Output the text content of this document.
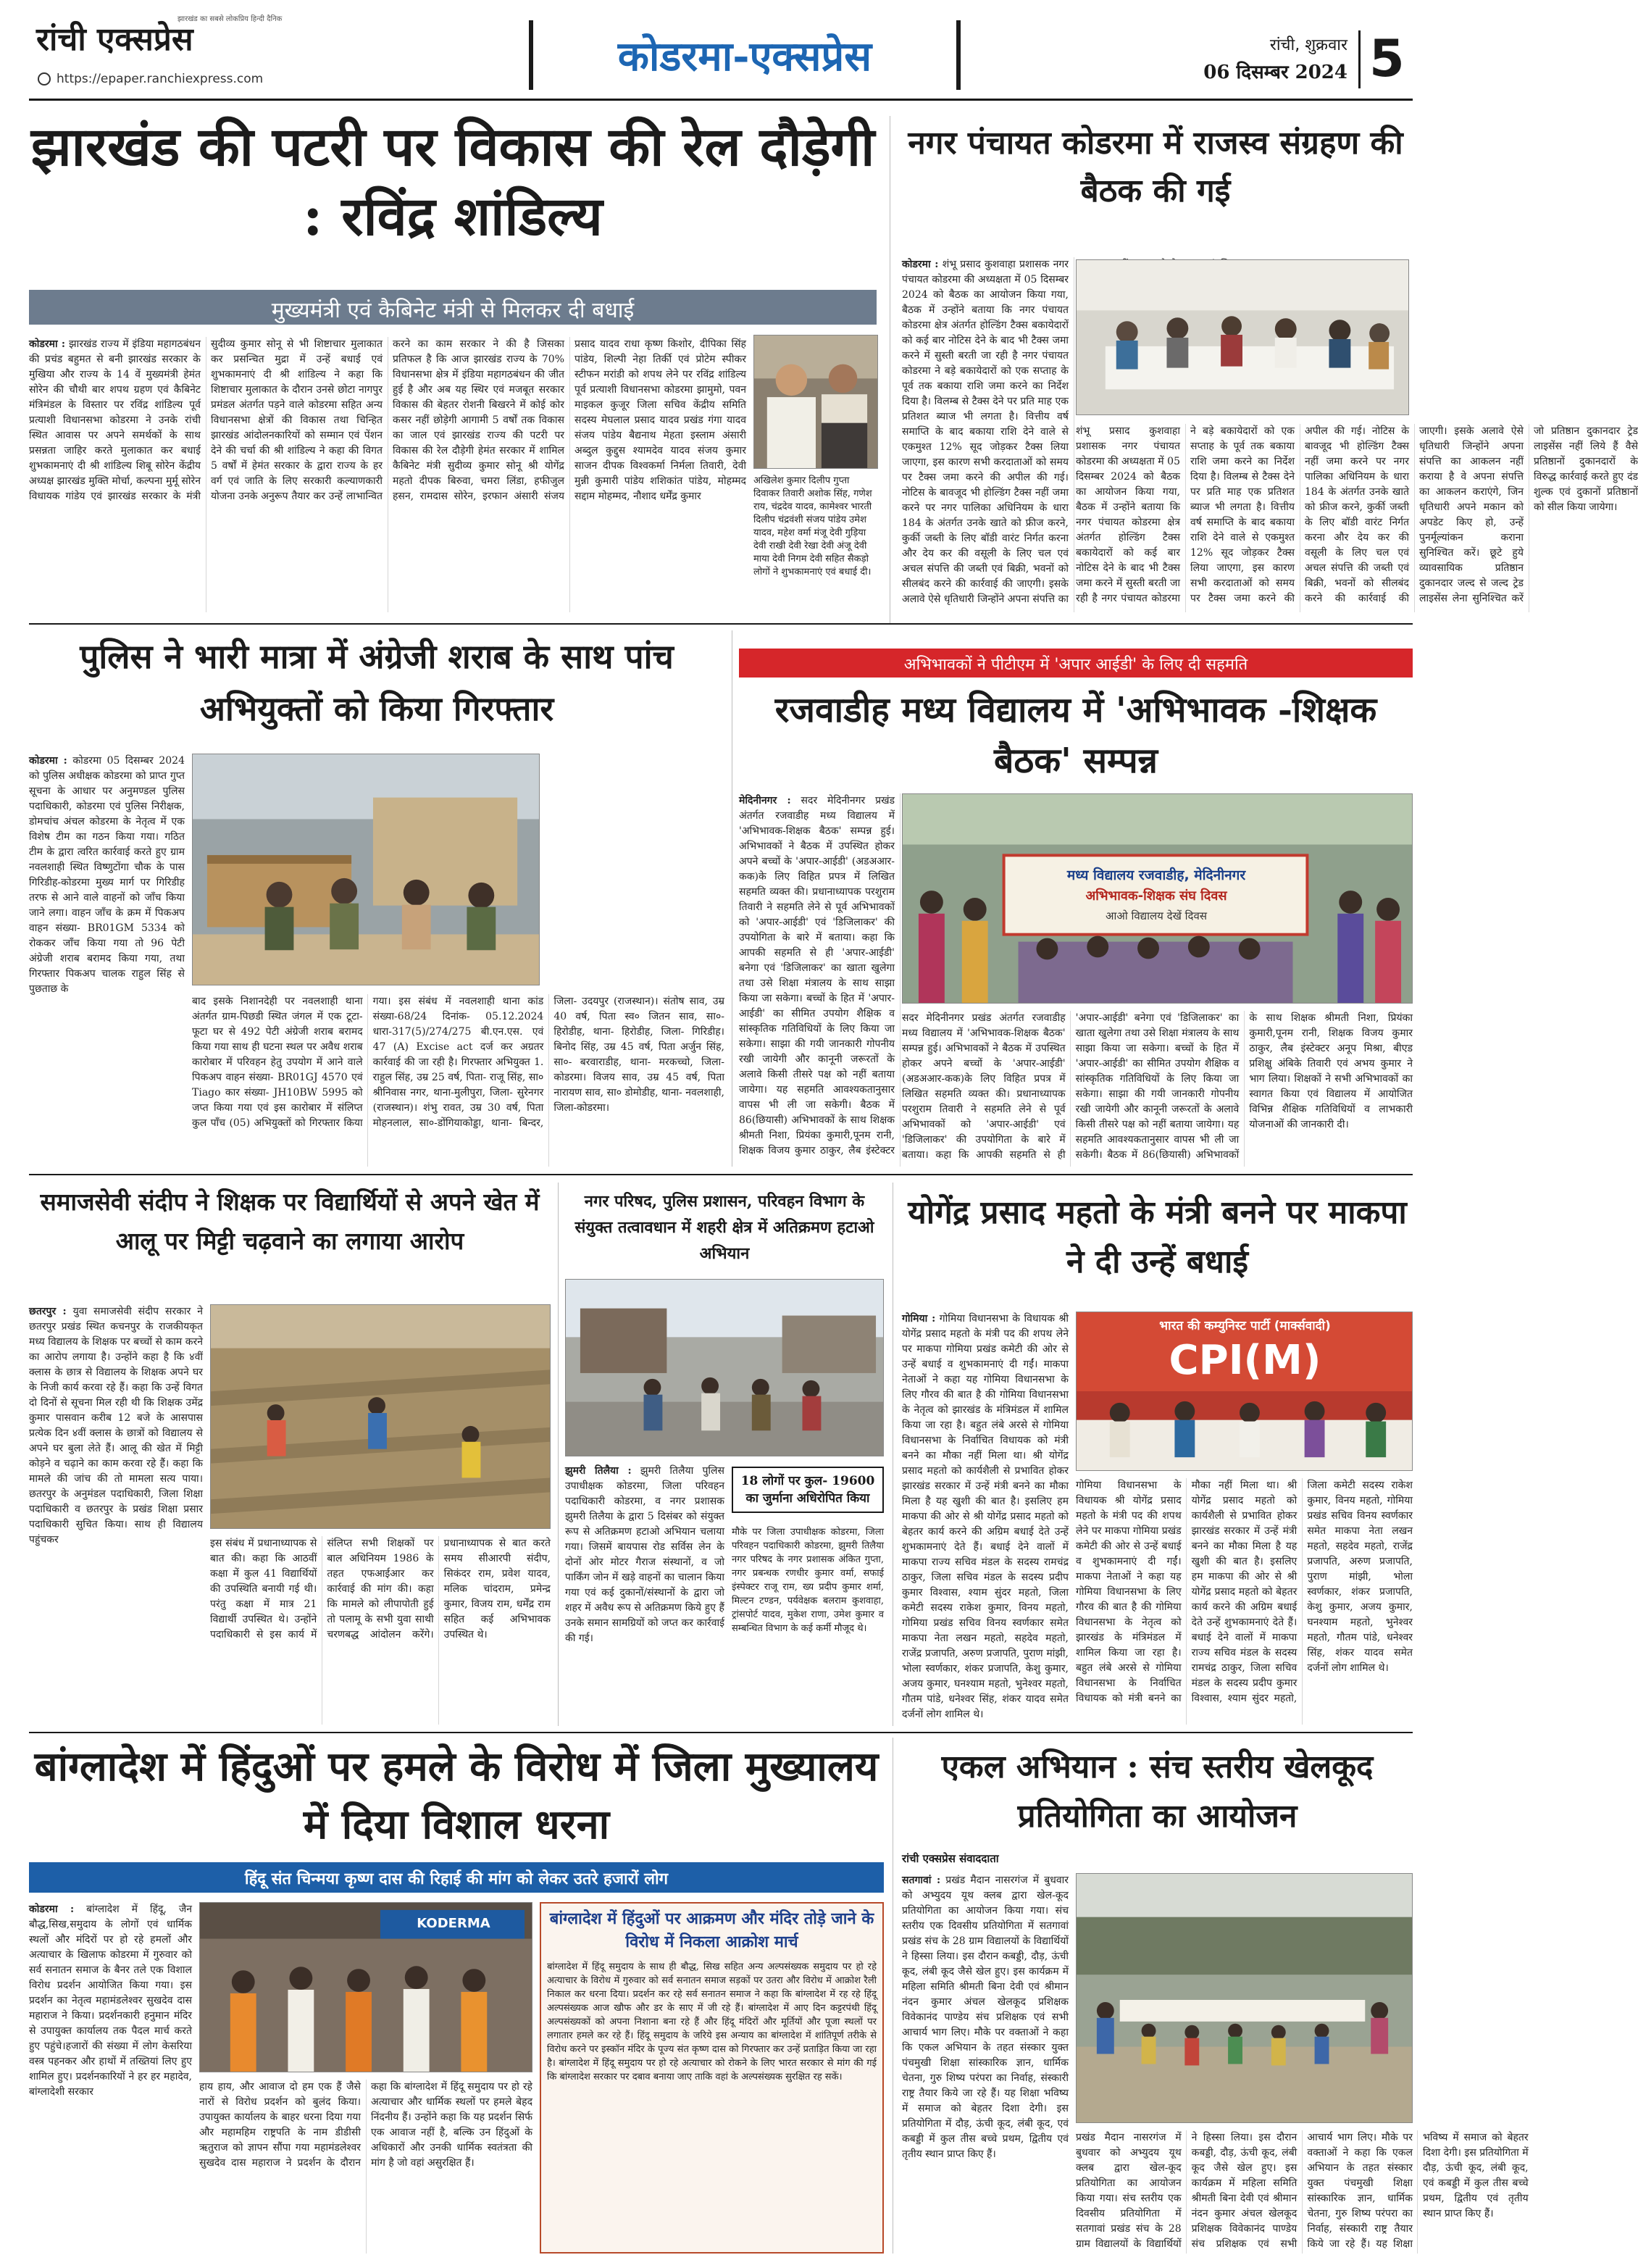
रांची एक्सप्रेस
झारखंड का सबसे लोकप्रिय हिन्दी दैनिक
https://epaper.ranchiexpress.com	कोडरमा-एक्सप्रेस	रांची, शुक्रवार
06 दिसम्बर 2024 5
झारखंड की पटरी पर विकास की रेल दौड़ेगी : रविंद्र शांडिल्य
मुख्यमंत्री एवं कैबिनेट मंत्री से मिलकर दी बधाई
कोडरमा : झारखंड राज्य में इंडिया महागठबंधन की प्रचंड बहुमत से बनी झारखंड सरकार के मुखिया और राज्य के 14 वें मुख्यमंत्री हेमंत सोरेन की चौथी बार शपथ ग्रहण एवं कैबिनेट मंत्रिमंडल के विस्तार पर रविंद्र शांडिल्य पूर्व प्रत्याशी विधानसभा कोडरमा ने उनके रांची स्थित आवास पर अपने समर्थकों के साथ प्रसन्नता जाहिर करते मुलाकात कर बधाई शुभकामनाएं दी श्री शांडिल्य शिबू सोरेन केंद्रीय अध्यक्ष झारखंड मुक्ति मोर्चा, कल्पना मुर्मू सोरेन विधायक गांडेय एवं झारखंड सरकार के मंत्री सुदीव्य कुमार सोनू से भी शिष्टाचार मुलाकात कर प्रसन्चित मुद्रा में उन्हें बधाई एवं शुभकामनाएं दी श्री शांडिल्य ने कहा कि शिष्टाचार मुलाकात के दौरान उनसे छोटा नागपुर प्रमंडल अंतर्गत पड़ने वाले कोडरमा सहित अन्य विधानसभा क्षेत्रों की विकास तथा चिन्हित झारखंड आंदोलनकारियों को सम्मान एवं पेंशन देने की चर्चा की श्री शांडिल्य ने कहा की विगत 5 वर्षों में हेमंत सरकार के द्वारा राज्य के हर वर्ग एवं जाति के लिए सरकारी कल्याणकारी योजना उनके अनुरूप तैयार कर उन्हें लाभान्वित करने का काम सरकार ने की है जिसका प्रतिफल है कि आज झारखंड राज्य के 70% विधानसभा क्षेत्र में इंडिया महागठबंधन की जीत हुई है और अब यह स्थिर एवं मजबूत सरकार विकास की बेहतर रोशनी बिखरने में कोई कोर कसर नहीं छोड़ेगी आगामी 5 वर्षों तक विकास का जाल एवं झारखंड राज्य की पटरी पर विकास की रेल दौड़ेगी हेमंत सरकार में शामिल कैबिनेट मंत्री सुदीव्य कुमार सोनू श्री योगेंद्र महतो दीपक बिरुवा, चमरा लिंडा, हफीजुल हसन, रामदास सोरेन, इरफान अंसारी संजय प्रसाद यादव राधा कृष्ण किशोर, दीपिका सिंह पांडेय, शिल्पी नेहा तिर्की एवं प्रोटेम स्पीकर स्टीफन मरांडी को शपथ लेने पर रविंद्र शांडिल्य पूर्व प्रत्याशी विधानसभा कोडरमा झामुमो, पवन माइकल कुजूर जिला सचिव केंद्रीय समिति सदस्य मेघलाल प्रसाद यादव प्रखंड गंगा यादव संजय पांडेय बैद्यनाथ मेहता इस्लाम अंसारी अब्दुल कुद्दुस श्यामदेव यादव संजय कुमार साजन दीपक विश्वकर्मा निर्मला तिवारी, देवी मुन्नी कुमारी पांडेय शशिकांत पांडेय, मोहम्मद सद्दाम मोहम्मद, नौशाद धर्मेंद्र कुमार
अखिलेश कुमार दिलीप गुप्ता दिवाकर तिवारी अशोक सिंह, गणेश राय, चंद्रदेव यादव, कामेश्वर भारती दिलीप चंद्रवंशी संजय पांडेय उमेश यादव, महेश वर्मा मंजू देवी गुड़िया देवी राखी देवी रेखा देवी अंजू देवी माया देवी निगम देवी सहित सैकड़ो लोगों ने शुभकामनाएं एवं बधाई दी।
नगर पंचायत कोडरमा में राजस्व संग्रहण की बैठक की गई
कोडरमा : शंभू प्रसाद कुशवाहा प्रशासक नगर पंचायत कोडरमा की अध्यक्षता में 05 दिसम्बर 2024 को बैठक का आयोजन किया गया, बैठक में उन्होंने बताया कि नगर पंचायत कोडरमा क्षेत्र अंतर्गत होल्डिंग टैक्स बकायेदारों को कई बार नोटिस देने के बाद भी टैक्स जमा करने में सुस्ती बरती जा रही है नगर पंचायत कोडरमा ने बड़े बकायेदारों को एक सप्ताह के पूर्व तक बकाया राशि जमा करने का निर्देश दिया है। विलम्ब से टैक्स देने पर प्रति माह एक प्रतिशत ब्याज भी लगता है। वित्तीय वर्ष समाप्ति के बाद बकाया राशि देने वाले से एकमुश्त 12% सूद जोड़कर टैक्स लिया जाएगा, इस कारण सभी करदाताओं को समय पर टैक्स जमा करने की अपील की गई। नोटिस के बावजूद भी होल्डिंग टैक्स नहीं जमा करने पर नगर पालिका अधिनियम के धारा 184 के अंतर्गत उनके खाते को फ्रीज करने, कुर्की जब्ती के लिए बॉडी वारंट निर्गत करना और देय कर की वसूली के लिए चल एवं अचल संपत्ति की जब्ती एवं बिक्री, भवनों को सीलबंद करने की कार्रवाई की जाएगी। इसके अलावे ऐसे धृतिधारी जिन्होंने अपना संपत्ति का
शंभू प्रसाद कुशवाहा प्रशासक नगर पंचायत कोडरमा की अध्यक्षता में 05 दिसम्बर 2024 को बैठक का आयोजन किया गया, बैठक में उन्होंने बताया कि नगर पंचायत कोडरमा क्षेत्र अंतर्गत होल्डिंग टैक्स बकायेदारों को कई बार नोटिस देने के बाद भी टैक्स जमा करने में सुस्ती बरती जा रही है नगर पंचायत कोडरमा ने बड़े बकायेदारों को एक सप्ताह के पूर्व तक बकाया राशि जमा करने का निर्देश दिया है। विलम्ब से टैक्स देने पर प्रति माह एक प्रतिशत ब्याज भी लगता है। वित्तीय वर्ष समाप्ति के बाद बकाया राशि देने वाले से एकमुश्त 12% सूद जोड़कर टैक्स लिया जाएगा, इस कारण सभी करदाताओं को समय पर टैक्स जमा करने की अपील की गई। नोटिस के बावजूद भी होल्डिंग टैक्स नहीं जमा करने पर नगर पालिका अधिनियम के धारा 184 के अंतर्गत उनके खाते को फ्रीज करने, कुर्की जब्ती के लिए बॉडी वारंट निर्गत करना और देय कर की वसूली के लिए चल एवं अचल संपत्ति की जब्ती एवं बिक्री, भवनों को सीलबंद करने की कार्रवाई की जाएगी। इसके अलावे ऐसे धृतिधारी जिन्होंने अपना संपत्ति का आकलन नहीं कराया है वे अपना संपत्ति का आकलन कराएंगे, जिन धृतिधारी अपने मकान को अपडेट किए हो, उन्हें पुनर्मूल्यांकन कराना सुनिश्चित करें। छूटे हुये व्यावसायिक प्रतिष्ठान दुकानदार जल्द से जल्द ट्रेड लाइसेंस लेना सुनिश्चित करें जो प्रतिष्ठान दुकानदार ट्रेड लाइसेंस नहीं लिये हैं वैसे प्रतिष्ठानों दुकानदारों के विरुद्ध कार्रवाई करते हुए दंड शुल्क एवं दुकानों प्रतिष्ठानों को सील किया जायेगा।
पुलिस ने भारी मात्रा में अंग्रेजी शराब के साथ पांच अभियुक्तों को किया गिरफ्तार
कोडरमा : कोडरमा 05 दिसम्बर 2024 को पुलिस अधीक्षक कोडरमा को प्राप्त गुप्त सूचना के आधार पर अनुमण्डल पुलिस पदाधिकारी, कोडरमा एवं पुलिस निरीक्षक, डोमचांच अंचल कोडरमा के नेतृत्व में एक विशेष टीम का गठन किया गया। गठित टीम के द्वारा त्वरित कार्रवाई करते हुए ग्राम नवलशाही स्थित विष्णुटोंगा चौक के पास गिरिडीह-कोडरमा मुख्य मार्ग पर गिरिडीह तरफ से आने वाले वाहनों को जाँच किया जाने लगा। वाहन जाँच के क्रम में पिकअप वाहन संख्या- BR01GM 5334 को रोककर जाँच किया गया तो 96 पेटी अंग्रेजी शराब बरामद किया गया, तथा गिरफ्तार पिकअप चालक राहुल सिंह से पुछताछ के
बाद इसके निशानदेही पर नवलशाही थाना अंतर्गत ग्राम-पिछडी स्थित जंगल में एक टूटा-फूटा घर से 492 पेटी अंग्रेजी शराब बरामद किया गया साथ ही घटना स्थल पर अवैध शराब कारोबार में परिवहन हेतु उपयोग में आने वाले पिकअप वाहन संख्या- BR01GJ 4570 एवं Tiago कार संख्या- JH10BW 5995 को जप्त किया गया एवं इस कारोबार में संलिप्त कुल पाँच (05) अभियुक्तों को गिरफ्तार किया गया। इस संबंध में नवलशाही थाना कांड संख्या-68/24 दिनांक- 05.12.2024 धारा-317(5)/274/275 बी.एन.एस. एवं 47 (A) Excise act दर्ज कर अग्रतर कार्रवाई की जा रही है। गिरफ्तार अभियुक्त 1. राहुल सिंह, उम्र 25 वर्ष, पिता- राजू सिंह, सा० श्रीनिवास नगर, थाना-मुलीपुरा, जिला- सुरेनगर (राजस्थान)। शंभु रावत, उम्र 30 वर्ष, पिता मोहनलाल, सा०-डोंगियाकोड्डा, थाना- बिन्दर, जिला- उदयपुर (राजस्थान)। संतोष साव, उम्र 40 वर्ष, पिता स्व० जितन साव, सा०- हिरोडीह, थाना- हिरोडीह, जिला- गिरिडीह। बिनोद सिंह, उम्र 45 वर्ष, पिता अर्जुन सिंह, सा०- बरवाराडीह, थाना- मरकच्चो, जिला-कोडरमा। विजय साव, उम्र 45 वर्ष, पिता नारायण साव, सा० डोमोडीह, थाना- नवलशाही, जिला-कोडरमा।
अभिभावकों ने पीटीएम में 'अपार आईडी' के लिए दी सहमति
रजवाडीह मध्य विद्यालय में 'अभिभावक -शिक्षक बैठक' सम्पन्न
मेदिनीनगर : सदर मेदिनीनगर प्रखंड अंतर्गत रजवाडीह मध्य विद्यालय में 'अभिभावक-शिक्षक बैठक' सम्पन्न हुई। अभिभावकों ने बैठक में उपस्थित होकर अपने बच्चों के 'अपार-आईडी' (अडअआर-कक)के लिए विहित प्रपत्र में लिखित सहमति व्यक्त की। प्रधानाध्यापक परशुराम तिवारी ने सहमति लेने से पूर्व अभिभावकों को 'अपार-आईडी' एवं 'डिजिलाकर' की उपयोगिता के बारे में बताया। कहा कि आपकी सहमति से ही 'अपार-आईडी' बनेगा एवं 'डिजिलाकर' का खाता खुलेगा तथा उसे शिक्षा मंत्रालय के साथ साझा किया जा सकेगा। बच्चों के हित में 'अपार-आईडी' का सीमित उपयोग शैक्षिक व सांस्कृतिक गतिविधियों के लिए किया जा सकेगा। साझा की गयी जानकारी गोपनीय रखी जायेगी और कानूनी जरूरतों के अलावे किसी तीसरे पक्ष को नहीं बताया जायेगा। यह सहमति आवश्यकतानुसार वापस भी ली जा सकेगी। बैठक में 86(छियासी) अभिभावकों के साथ शिक्षक श्रीमती निशा, प्रियंका कुमारी,पूनम रानी, शिक्षक विजय कुमार ठाकुर, लैब इंस्टेक्टर
मध्य विद्यालय रजवाडीह, मेदिनीनगर
अभिभावक-शिक्षक संघ दिवस
आओ विद्यालय देखें दिवस
सदर मेदिनीनगर प्रखंड अंतर्गत रजवाडीह मध्य विद्यालय में 'अभिभावक-शिक्षक बैठक' सम्पन्न हुई। अभिभावकों ने बैठक में उपस्थित होकर अपने बच्चों के 'अपार-आईडी' (अडअआर-कक)के लिए विहित प्रपत्र में लिखित सहमति व्यक्त की। प्रधानाध्यापक परशुराम तिवारी ने सहमति लेने से पूर्व अभिभावकों को 'अपार-आईडी' एवं 'डिजिलाकर' की उपयोगिता के बारे में बताया। कहा कि आपकी सहमति से ही 'अपार-आईडी' बनेगा एवं 'डिजिलाकर' का खाता खुलेगा तथा उसे शिक्षा मंत्रालय के साथ साझा किया जा सकेगा। बच्चों के हित में 'अपार-आईडी' का सीमित उपयोग शैक्षिक व सांस्कृतिक गतिविधियों के लिए किया जा सकेगा। साझा की गयी जानकारी गोपनीय रखी जायेगी और कानूनी जरूरतों के अलावे किसी तीसरे पक्ष को नहीं बताया जायेगा। यह सहमति आवश्यकतानुसार वापस भी ली जा सकेगी। बैठक में 86(छियासी) अभिभावकों के साथ शिक्षक श्रीमती निशा, प्रियंका कुमारी,पूनम रानी, शिक्षक विजय कुमार ठाकुर, लैब इंस्टेक्टर अनूप मिश्रा, बीएड प्रशिक्षु अंबिके तिवारी एवं अभय कुमार ने भाग लिया। शिक्षकों ने सभी अभिभावकों का स्वागत किया एवं विद्यालय में आयोजित विभिन्न शैक्षिक गतिविधियों व लाभकारी योजनाओं की जानकारी दी।
समाजसेवी संदीप ने शिक्षक पर विद्यार्थियों से अपने खेत में आलू पर मिट्टी चढ़वाने का लगाया आरोप
छतरपुर : युवा समाजसेवी संदीप सरकार ने छतरपुर प्रखंड स्थित कचनपुर के राजकीयकृत मध्य विद्यालय के शिक्षक पर बच्चों से काम करने का आरोप लगाया है। उन्होंने कहा है कि ४वीं क्लास के छात्र से विद्यालय के शिक्षक अपने घर के निजी कार्य करवा रहे हैं। कहा कि उन्हें विगत दो दिनों से सूचना मिल रही थी कि शिक्षक उमेंद्र कुमार पासवान करीब 12 बजे के आसपास प्रत्येक दिन ४वीं क्लास के छात्रों को विद्यालय से अपने घर बुला लेते हैं। आलू की खेत में मिट्टी कोड़ने व चढ़ाने का काम करवा रहे हैं। कहा कि मामले की जांच की तो मामला सत्य पाया। छतरपुर के अनुमंडल पदाधिकारी, जिला शिक्षा पदाधिकारी व छतरपुर के प्रखंड शिक्षा प्रसार पदाधिकारी सुचित किया। साथ ही विद्यालय पहुंचकर	इस संबंध में प्रधानाध्यापक से बात की। कहा कि आठवीं कक्षा में कुल 41 विद्यार्थियों की उपस्थिति बनायी गई थी। परंतु कक्षा में मात्र 21 विद्यार्थी उपस्थित थे। उन्होंने पदाधिकारी से इस कार्य में संलिप्त सभी शिक्षकों पर बाल अधिनियम 1986 के तहत एफआईआर कर कार्रवाई की मांग की। कहा कि मामले को लीपापोती हुई तो पलामू के सभी युवा साथी चरणबद्ध आंदोलन करेंगे।प्रधानाध्यापक से बात करते समय सीआरपी संदीप, सिकंदर राम, प्रवेश यादव, मलिक चांदराम, प्रमेन्द्र कुमार, विजय राम, धर्मेंद्र राम सहित कई अभिभावक उपस्थित थे।
नगर परिषद, पुलिस प्रशासन, परिवहन विभाग के संयुक्त तत्वावधान में शहरी क्षेत्र में अतिक्रमण हटाओ अभियान
झुमरी तिलैया : झुमरी तिलैया पुलिस उपाधीक्षक कोडरमा, जिला परिवहन पदाधिकारी कोडरमा, व नगर प्रशासक झुमरी तिलैया के द्वारा 5 दिसंबर को संयुक्त रूप से अतिक्रमण हटाओ अभियान चलाया गया। जिसमें बायपास रोड सर्विस लेन के दोनों ओर मोटर गैराज संस्थानों, व जो पार्किंग जोन में खड़े वाहनों का चालान किया गया एवं कई दुकानों/संस्थानों के द्वारा जो शहर में अवैध रूप से अतिक्रमण किये हुए हैं उनके समान सामग्रियों को जप्त कर कार्रवाई की गई।
18 लोगों पर कुल- 19600 का जुर्माना अधिरोपित किया
मौके पर जिला उपाधीक्षक कोडरमा, जिला परिवहन पदाधिकारी कोडरमा, झुमरी तिलैया नगर परिषद के नगर प्रशासक अंकित गुप्ता, नगर प्रबन्धक रणधीर कुमार वर्मा, सफाई इंस्पेक्टर राजू राम, ख्य प्रदीप कुमार शर्मा, मिल्टन टण्डन, पर्यवेक्षक बलराम कुशवाहा, ट्रांसपोर्ट यादव, मुकेश राणा, उमेश कुमार व सम्बन्धित विभाग के कई कर्मी मौजूद थे।
योगेंद्र प्रसाद महतो के मंत्री बनने पर माकपा ने दी उन्हें बधाई
गोमिया : गोमिया विधानसभा के विधायक श्री योगेंद्र प्रसाद महतो के मंत्री पद की शपथ लेने पर माकपा गोमिया प्रखंड कमेटी की ओर से उन्हें बधाई व शुभकामनाएं दी गईं। माकपा नेताओं ने कहा यह गोमिया विधानसभा के लिए गौरव की बात है की गोमिया विधानसभा के नेतृत्व को झारखंड के मंत्रिमंडल में शामिल किया जा रहा है। बहुत लंबे अरसे से गोमिया विधानसभा के निर्वाचित विधायक को मंत्री बनने का मौका नहीं मिला था। श्री योगेंद्र प्रसाद महतो को कार्यशैली से प्रभावित होकर झारखंड सरकार में उन्हें मंत्री बनने का मौका मिला है यह खुशी की बात है। इसलिए हम माकपा की ओर से श्री योगेंद्र प्रसाद महतो को बेहतर कार्य करने की अग्रिम बधाई देते उन्हें शुभकामनाएं देते हैं। बधाई देने वालों में माकपा राज्य सचिव मंडल के सदस्य रामचंद्र ठाकुर, जिला सचिव मंडल के सदस्य प्रदीप कुमार विश्वास, श्याम सुंदर महतो, जिला कमेटी सदस्य राकेश कुमार, विनय महतो, गोमिया प्रखंड सचिव विनय स्वर्णकार समेत माकपा नेता लखन महतो, सहदेव महतो, राजेंद्र प्रजापति, अरुण प्रजापति, पुराण मांझी, भोला स्वर्णकार, शंकर प्रजापति, केशु कुमार, अजय कुमार, घनश्याम महतो, भुनेश्वर महतो, गौतम पांडे, धनेश्वर सिंह, शंकर यादव समेत दर्जनों लोग शामिल थे।
भारत की कम्युनिस्ट पार्टी (मार्क्सवादी)
CPI(M)
गोमिया विधानसभा के विधायक श्री योगेंद्र प्रसाद महतो के मंत्री पद की शपथ लेने पर माकपा गोमिया प्रखंड कमेटी की ओर से उन्हें बधाई व शुभकामनाएं दी गईं। माकपा नेताओं ने कहा यह गोमिया विधानसभा के लिए गौरव की बात है की गोमिया विधानसभा के नेतृत्व को झारखंड के मंत्रिमंडल में शामिल किया जा रहा है। बहुत लंबे अरसे से गोमिया विधानसभा के निर्वाचित विधायक को मंत्री बनने का मौका नहीं मिला था। श्री योगेंद्र प्रसाद महतो को कार्यशैली से प्रभावित होकर झारखंड सरकार में उन्हें मंत्री बनने का मौका मिला है यह खुशी की बात है। इसलिए हम माकपा की ओर से श्री योगेंद्र प्रसाद महतो को बेहतर कार्य करने की अग्रिम बधाई देते उन्हें शुभकामनाएं देते हैं। बधाई देने वालों में माकपा राज्य सचिव मंडल के सदस्य रामचंद्र ठाकुर, जिला सचिव मंडल के सदस्य प्रदीप कुमार विश्वास, श्याम सुंदर महतो, जिला कमेटी सदस्य राकेश कुमार, विनय महतो, गोमिया प्रखंड सचिव विनय स्वर्णकार समेत माकपा नेता लखन महतो, सहदेव महतो, राजेंद्र प्रजापति, अरुण प्रजापति, पुराण मांझी, भोला स्वर्णकार, शंकर प्रजापति, केशु कुमार, अजय कुमार, घनश्याम महतो, भुनेश्वर महतो, गौतम पांडे, धनेश्वर सिंह, शंकर यादव समेत दर्जनों लोग शामिल थे।
बांग्लादेश में हिंदुओं पर हमले के विरोध में जिला मुख्यालय में दिया विशाल धरना
हिंदू संत चिन्मया कृष्ण दास की रिहाई की मांग को लेकर उतरे हजारों लोग
कोडरमा : बांग्लादेश में हिंदू, जैन बौद्ध,सिख,समुदाय के लोगों एवं धार्मिक स्थलों और मंदिरों पर हो रहे हमलों और अत्याचार के खिलाफ कोडरमा में गुरुवार को सर्व सनातन समाज के बैनर तले एक विशाल विरोध प्रदर्शन आयोजित किया गया। इस प्रदर्शन का नेतृत्व महामंडलेश्वर सुखदेव दास महाराज ने किया। प्रदर्शनकारी हनुमान मंदिर से उपायुक्त कार्यालय तक पैदल मार्च करते हुए पहुंचे।हजारों की संख्या में लोग केसरिया वस्त्र पहनकर और हाथों में तख्तियां लिए हुए शामिल हुए। प्रदर्शनकारियों ने हर हर महादेव, बांग्लादेशी सरकार
KODERMA
हाय हाय, और आवाज दो हम एक हैं जैसे नारों से विरोध प्रदर्शन को बुलंद किया। उपायुक्त कार्यालय के बाहर धरना दिया गया और महामहिम राष्ट्रपति के नाम डीडीसी ऋतुराज को ज्ञापन सौंपा गया महामंडलेश्वर सुखदेव दास महाराज ने प्रदर्शन के दौरान कहा कि बांग्लादेश में हिंदू समुदाय पर हो रहे अत्याचार और धार्मिक स्थलों पर हमले बेहद निंदनीय हैं। उन्होंने कहा कि यह प्रदर्शन सिर्फ एक आवाज नहीं है, बल्कि उन हिंदुओं के अधिकारों और उनकी धार्मिक स्वतंत्रता की मांग है जो वहां असुरक्षित हैं।
बांग्लादेश में हिंदुओं पर आक्रमण और मंदिर तोड़े जाने के विरोध में निकला आक्रोश मार्च
बांग्लादेश में हिंदू समुदाय के साथ ही बौद्ध, सिख सहित अन्य अल्पसंख्यक समुदाय पर हो रहे अत्याचार के विरोध में गुरुवार को सर्व सनातन समाज सड़कों पर उतरा और विरोध में आक्रोश रैली निकाल कर धरना दिया। प्रदर्शन कर रहे सर्व सनातन समाज ने कहा कि बांग्लादेश में रह रहे हिंदू अल्पसंख्यक आज खौफ और डर के साए में जी रहे हैं। बांग्लादेश में आए दिन कट्टरपंथी हिंदू अल्पसंख्यकों को अपना निशाना बना रहे हैं और हिंदू मंदिरों और मूर्तियों और पूजा स्थलों पर लगातार हमले कर रहे हैं। हिंदू समुदाय के जरिये इस अन्याय का बांग्लादेश में शांतिपूर्ण तरीके से विरोध करने पर इस्कॉन मंदिर के पूज्य संत कृष्ण दास को गिरफ्तार कर उन्हें प्रताड़ित किया जा रहा है। बांग्लादेश में हिंदू समुदाय पर हो रहे अत्याचार को रोकने के लिए भारत सरकार से मांग की गई कि बांग्लादेश सरकार पर दबाव बनाया जाए ताकि वहां के अल्पसंख्यक सुरक्षित रह सकें।
एकल अभियान : संच स्तरीय खेलकूद प्रतियोगिता का आयोजन
रांची एक्सप्रेस संवाददाता
सतगावां : प्रखंड मैदान नासरगंज में बुधवार को अभ्युदय यूथ क्लब द्वारा खेल-कूद प्रतियोगिता का आयोजन किया गया। संच स्तरीय एक दिवसीय प्रतियोगिता में सतगावां प्रखंड संच के 28 ग्राम विद्यालयों के विद्यार्थियों ने हिस्सा लिया। इस दौरान कबड्डी, दौड़, ऊंची कूद, लंबी कूद जैसे खेल हुए। इस कार्यक्रम में महिला समिति श्रीमती बिना देवी एवं श्रीमान नंदन कुमार अंचल खेलकूद प्रशिक्षक विवेकानंद पाण्डेय संच प्रशिक्षक एवं सभी आचार्य भाग लिए। मौके पर वक्ताओं ने कहा कि एकल अभियान के तहत संस्कार युक्त पंचमुखी शिक्षा सांस्कारिक ज्ञान, धार्मिक चेतना, गुरु शिष्य परंपरा का निर्वाह, संस्कारी राष्ट्र तैयार किये जा रहे हैं। यह शिक्षा भविष्य में समाज को बेहतर दिशा देगी। इस प्रतियोगिता में दौड़, ऊंची कूद, लंबी कूद, एवं कबड्डी में कुल तीस बच्चे प्रथम, द्वितीय एवं तृतीय स्थान प्राप्त किए हैं।
प्रखंड मैदान नासरगंज में बुधवार को अभ्युदय यूथ क्लब द्वारा खेल-कूद प्रतियोगिता का आयोजन किया गया। संच स्तरीय एक दिवसीय प्रतियोगिता में सतगावां प्रखंड संच के 28 ग्राम विद्यालयों के विद्यार्थियों ने हिस्सा लिया। इस दौरान कबड्डी, दौड़, ऊंची कूद, लंबी कूद जैसे खेल हुए। इस कार्यक्रम में महिला समिति श्रीमती बिना देवी एवं श्रीमान नंदन कुमार अंचल खेलकूद प्रशिक्षक विवेकानंद पाण्डेय संच प्रशिक्षक एवं सभी आचार्य भाग लिए। मौके पर वक्ताओं ने कहा कि एकल अभियान के तहत संस्कार युक्त पंचमुखी शिक्षा सांस्कारिक ज्ञान, धार्मिक चेतना, गुरु शिष्य परंपरा का निर्वाह, संस्कारी राष्ट्र तैयार किये जा रहे हैं। यह शिक्षा भविष्य में समाज को बेहतर दिशा देगी। इस प्रतियोगिता में दौड़, ऊंची कूद, लंबी कूद, एवं कबड्डी में कुल तीस बच्चे प्रथम, द्वितीय एवं तृतीय स्थान प्राप्त किए हैं।
